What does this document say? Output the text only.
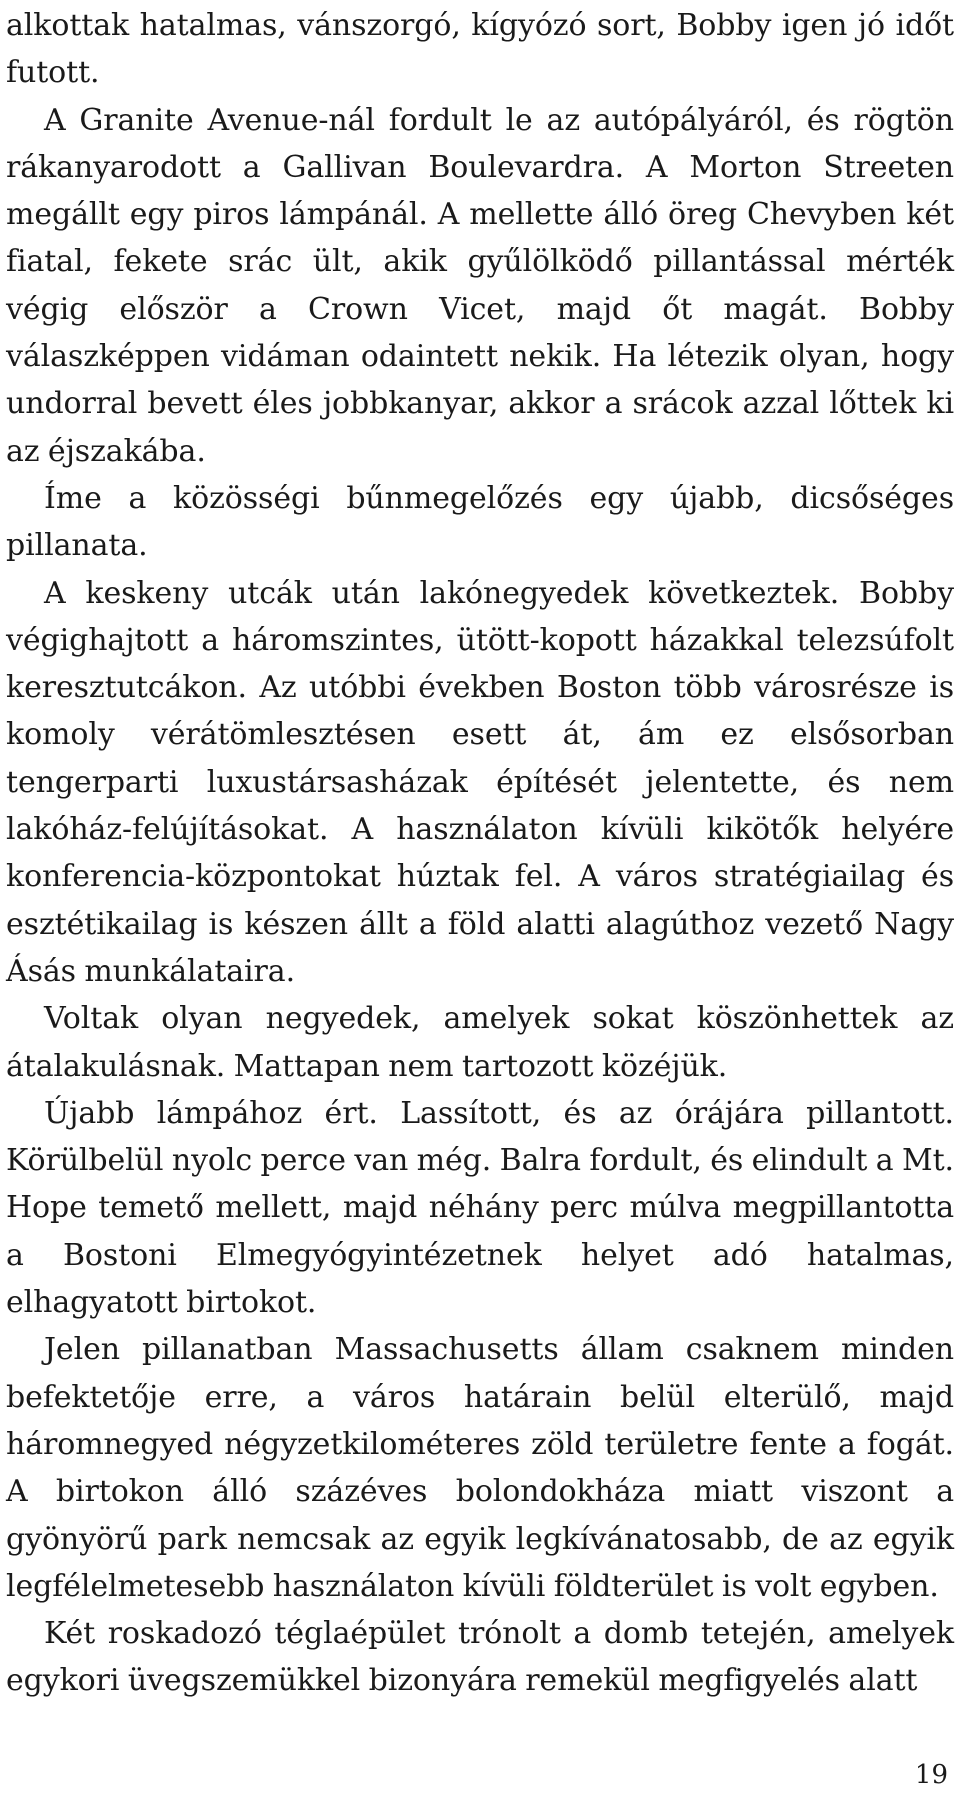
alkottak hatalmas, vánszorgó, kígyózó sort, Bobby igen jó időt futott.

A Granite Avenue-nál fordult le az autópályáról, és rögtön rákanyarodott a Gallivan Boulevardra. A Morton Streeten megállt egy piros lámpánál. A mellette álló öreg Chevyben két fiatal, fekete srác ült, akik gyűlölködő pillantással mérték végig először a Crown Vicet, majd őt magát. Bobby válaszképpen vidáman odaintett nekik. Ha létezik olyan, hogy undorral bevett éles jobbkanyar, akkor a srácok azzal lőttek ki az éjszakába.

Íme a közösségi bűnmegelőzés egy újabb, dicsőséges pillanata.

A keskeny utcák után lakónegyedek következtek. Bobby végighajtott a háromszintes, ütött-kopott házakkal telezsúfolt keresztutcákon. Az utóbbi években Boston több városrésze is komoly vérátömlesztésen esett át, ám ez elsősorban tengerparti luxustársasházak építését jelentette, és nem lakóház-felújításokat. A használaton kívüli kikötők helyére konferencia-központokat húztak fel. A város stratégiailag és esztétikailag is készen állt a föld alatti alagúthoz vezető Nagy Ásás munkálataira.

Voltak olyan negyedek, amelyek sokat köszönhettek az átalakulásnak. Mattapan nem tartozott közéjük.

Újabb lámpához ért. Lassított, és az órájára pillantott. Körülbelül nyolc perce van még. Balra fordult, és elindult a Mt. Hope temető mellett, majd néhány perc múlva megpillantotta a Bostoni Elmegyógyintézetnek helyet adó hatalmas, elhagyatott birtokot.

Jelen pillanatban Massachusetts állam csaknem minden befektetője erre, a város határain belül elterülő, majd háromnegyed négyzetkilométeres zöld területre fente a fogát. A birtokon álló százéves bolondokháza miatt viszont a gyönyörű park nemcsak az egyik legkívánatosabb, de az egyik legfélelmetesebb használaton kívüli földterület is volt egyben.

Két roskadozó téglaépület trónolt a domb tetején, amelyek egykori üvegszemükkel bizonyára remekül megfigyelés alatt

19
